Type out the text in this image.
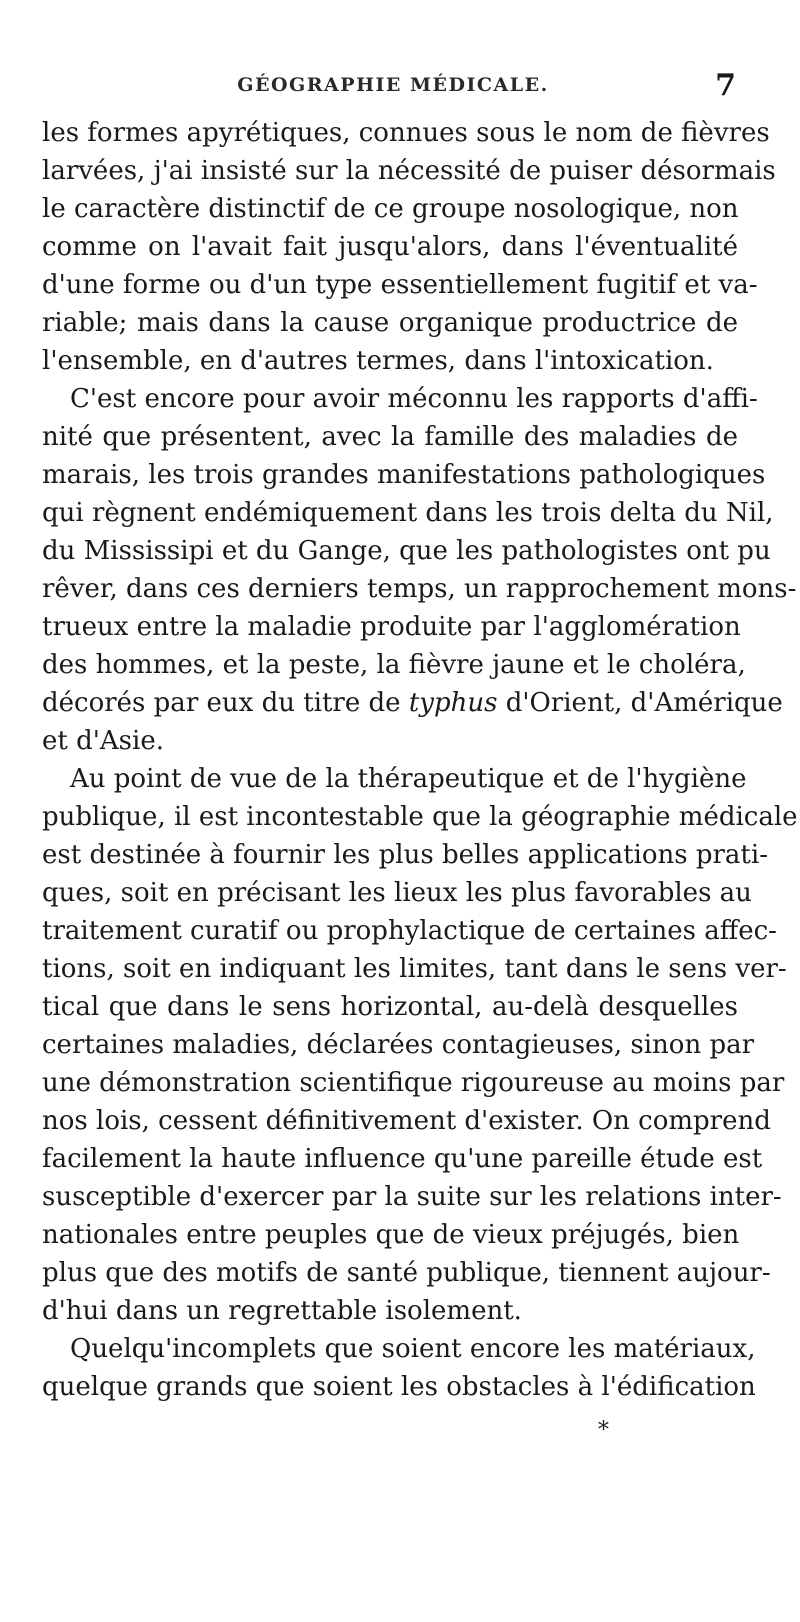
GÉOGRAPHIE MÉDICALE.	7
les formes apyrétiques, connues sous le nom de fièvres
larvées, j'ai insisté sur la nécessité de puiser désormais
le caractère distinctif de ce groupe nosologique, non
comme on l'avait fait jusqu'alors, dans l'éventualité
d'une forme ou d'un type essentiellement fugitif et va-
riable; mais dans la cause organique productrice de
l'ensemble, en d'autres termes, dans l'intoxication.
C'est encore pour avoir méconnu les rapports d'affi-
nité que présentent, avec la famille des maladies de
marais, les trois grandes manifestations pathologiques
qui règnent endémiquement dans les trois delta du Nil,
du Mississipi et du Gange, que les pathologistes ont pu
rêver, dans ces derniers temps, un rapprochement mons-
trueux entre la maladie produite par l'agglomération
des hommes, et la peste, la fièvre jaune et le choléra,
décorés par eux du titre de typhus d'Orient, d'Amérique
et d'Asie.
Au point de vue de la thérapeutique et de l'hygiène
publique, il est incontestable que la géographie médicale
est destinée à fournir les plus belles applications prati-
ques, soit en précisant les lieux les plus favorables au
traitement curatif ou prophylactique de certaines affec-
tions, soit en indiquant les limites, tant dans le sens ver-
tical que dans le sens horizontal, au-delà desquelles
certaines maladies, déclarées contagieuses, sinon par
une démonstration scientifique rigoureuse au moins par
nos lois, cessent définitivement d'exister. On comprend
facilement la haute influence qu'une pareille étude est
susceptible d'exercer par la suite sur les relations inter-
nationales entre peuples que de vieux préjugés, bien
plus que des motifs de santé publique, tiennent aujour-
d'hui dans un regrettable isolement.
Quelqu'incomplets que soient encore les matériaux,
quelque grands que soient les obstacles à l'édification
*
